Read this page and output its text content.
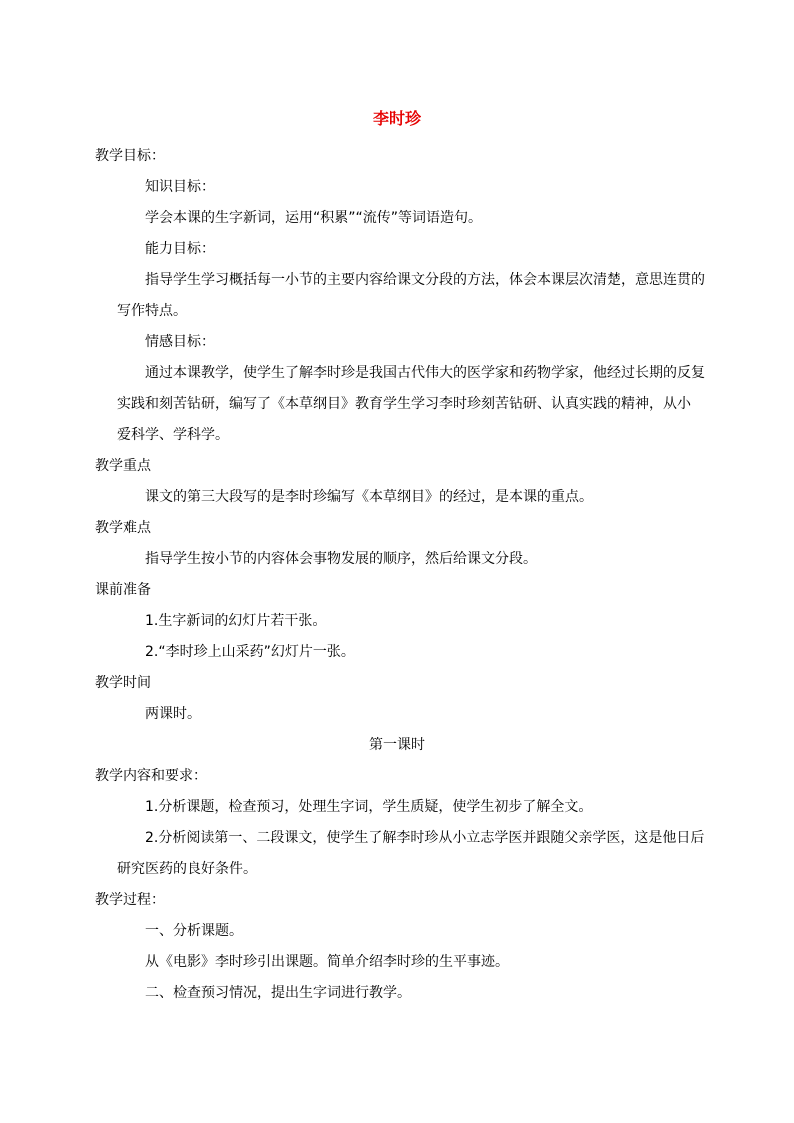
李时珍
教学目标：
知识目标：
学会本课的生字新词，运用“积累”“流传”等词语造句。
能力目标：
指导学生学习概括每一小节的主要内容给课文分段的方法，体会本课层次清楚，意思连贯的
写作特点。
情感目标：
通过本课教学，使学生了解李时珍是我国古代伟大的医学家和药物学家，他经过长期的反复
实践和刻苦钻研，编写了《本草纲目》教育学生学习李时珍刻苦钻研、认真实践的精神，从小
爱科学、学科学。
教学重点
课文的第三大段写的是李时珍编写《本草纲目》的经过，是本课的重点。
教学难点
指导学生按小节的内容体会事物发展的顺序，然后给课文分段。
课前准备
1.生字新词的幻灯片若干张。
2.“李时珍上山采药”幻灯片一张。
教学时间
两课时。
第一课时
教学内容和要求：
1.分析课题，检查预习，处理生字词，学生质疑，使学生初步了解全文。
2.分析阅读第一、二段课文，使学生了解李时珍从小立志学医并跟随父亲学医，这是他日后
研究医药的良好条件。
教学过程：
一、分析课题。
从《电影》李时珍引出课题。简单介绍李时珍的生平事迹。
二、检查预习情况，提出生字词进行教学。
